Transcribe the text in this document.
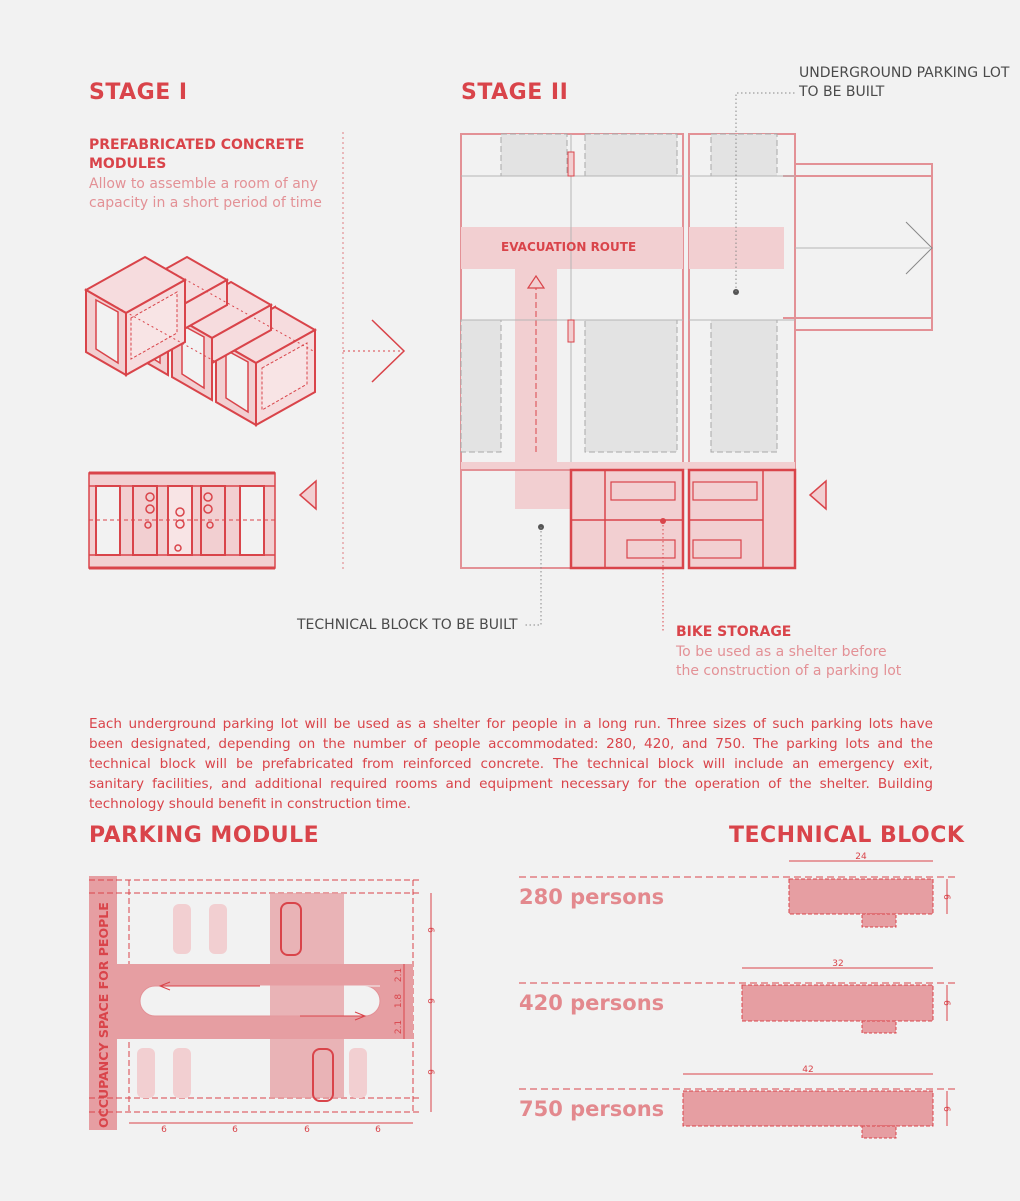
STAGE I
PREFABRICATED CONCRETE
MODULES
Allow to assemble a room of any
capacity in a short period of time
STAGE II
UNDERGROUND PARKING LOT
TO BE BUILT
TECHNICAL BLOCK TO BE BUILT	BIKE STORAGE
To be used as a shelter before
the construction of a parking lot
Each underground parking lot will be used as a shelter for people in a long run. Three sizes of such parking lots have
been designated, depending on the number of people accommodated: 280, 420, and 750. The parking lots and the
technical block will be prefabricated from reinforced concrete. The technical block will include an emergency exit,
sanitary facilities, and additional required rooms and equipment necessary for the operation of the shelter. Building
technology should benefit in construction time.
PARKING MODULE	TECHNICAL BLOCK
6	6	6	6
6
6
6
2.1
1.8
2.1
OCCUPANCY SPACE FOR PEOPLE
24
6
32
6
42
6
EVACUATION ROUTE
280 persons
420 persons
750 persons
